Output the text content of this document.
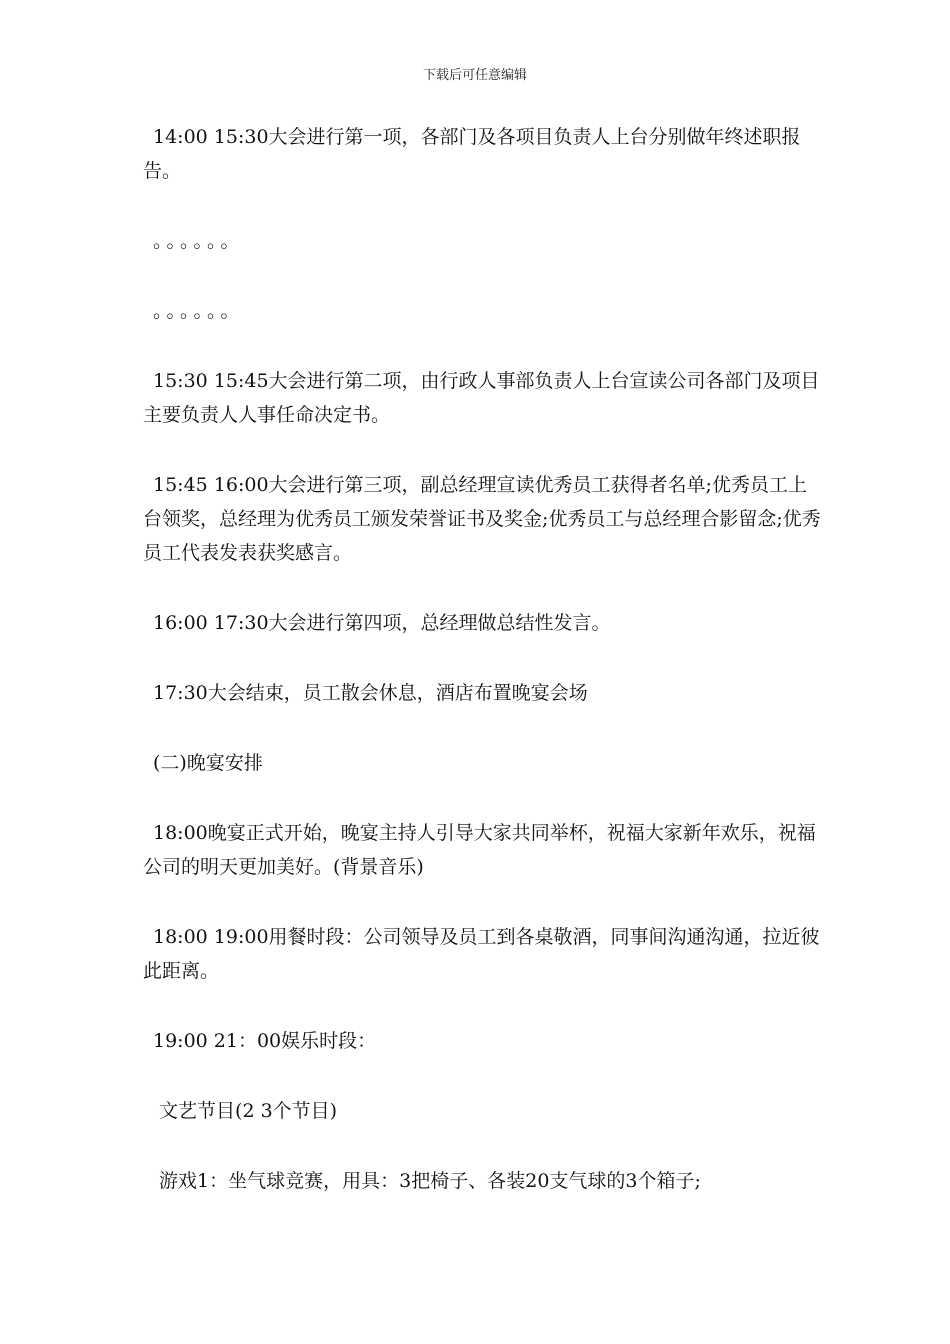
下载后可任意编辑

14:00 15:30大会进行第一项，各部门及各项目负责人上台分别做年终述职报告。

。。。。。。

。。。。。。

15:30 15:45大会进行第二项，由行政人事部负责人上台宣读公司各部门及项目主要负责人人事任命决定书。

15:45 16:00大会进行第三项，副总经理宣读优秀员工获得者名单;优秀员工上台领奖，总经理为优秀员工颁发荣誉证书及奖金;优秀员工与总经理合影留念;优秀员工代表发表获奖感言。

16:00 17:30大会进行第四项，总经理做总结性发言。

17:30大会结束，员工散会休息，酒店布置晚宴会场

(二)晚宴安排

18:00晚宴正式开始，晚宴主持人引导大家共同举杯，祝福大家新年欢乐，祝福公司的明天更加美好。(背景音乐)

18:00 19:00用餐时段：公司领导及员工到各桌敬酒，同事间沟通沟通，拉近彼此距离。

19:00 21：00娱乐时段：

文艺节目(2 3个节目)

游戏1：坐气球竞赛，用具：3把椅子、各装20支气球的3个箱子;
